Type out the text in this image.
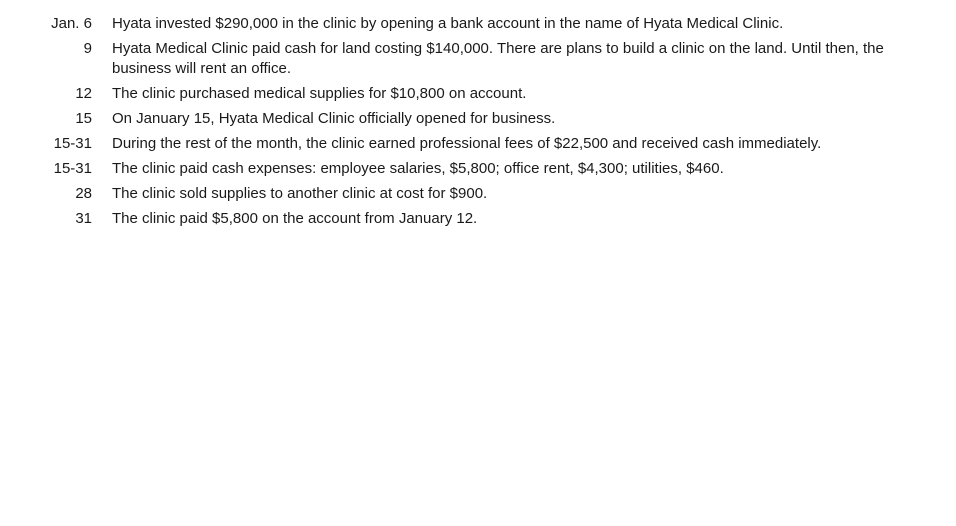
Jan. 6	Hyata invested $290,000 in the clinic by opening a bank account in the name of Hyata Medical Clinic.
9	Hyata Medical Clinic paid cash for land costing $140,000. There are plans to build a clinic on the land. Until then, the business will rent an office.
12	The clinic purchased medical supplies for $10,800 on account.
15	On January 15, Hyata Medical Clinic officially opened for business.
15-31	During the rest of the month, the clinic earned professional fees of $22,500 and received cash immediately.
15-31	The clinic paid cash expenses: employee salaries, $5,800; office rent, $4,300; utilities, $460.
28	The clinic sold supplies to another clinic at cost for $900.
31	The clinic paid $5,800 on the account from January 12.
